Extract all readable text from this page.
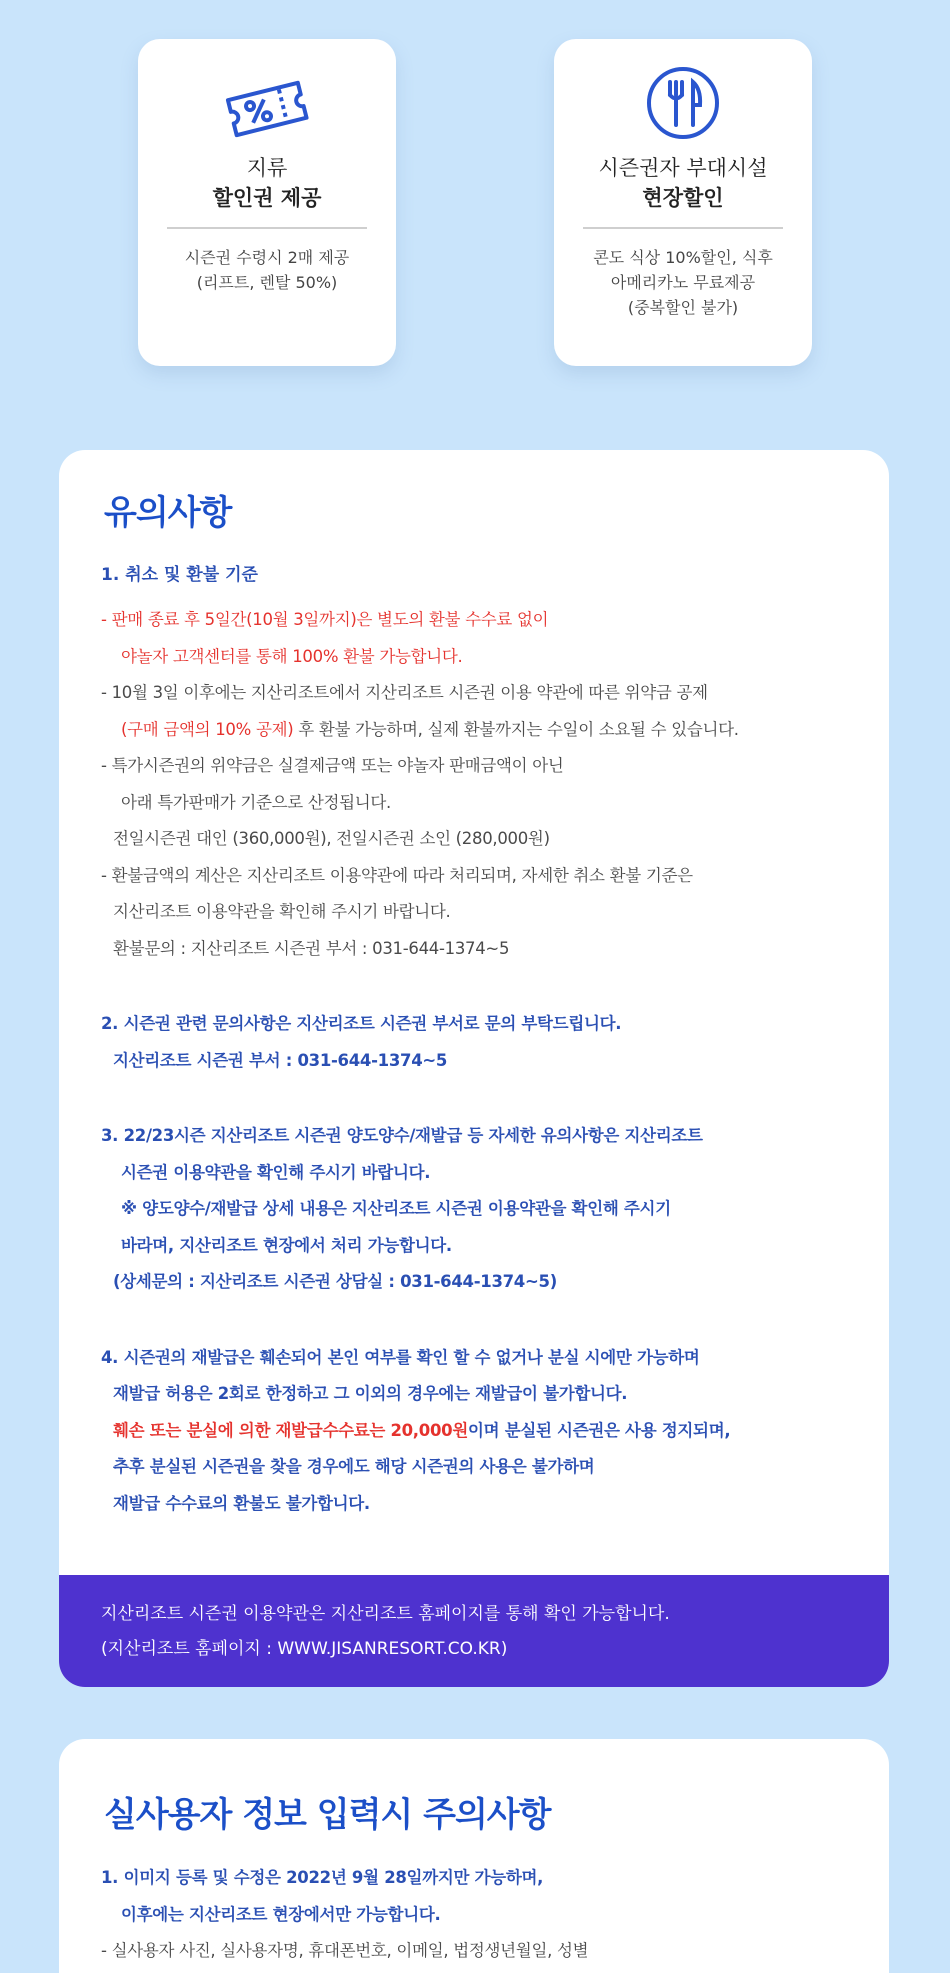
지류
할인권 제공
시즌권 수령시 2매 제공
(리프트, 렌탈 50%)
시즌권자 부대시설
현장할인
콘도 식상 10%할인, 식후
아메리카노 무료제공
(중복할인 불가)
유의사항
1. 취소 및 환불 기준
- 판매 종료 후 5일간(10월 3일까지)은 별도의 환불 수수료 없이
야놀자 고객센터를 통해 100% 환불 가능합니다.
- 10월 3일 이후에는 지산리조트에서 지산리조트 시즌권 이용 약관에 따른 위약금 공제
(구매 금액의 10% 공제) 후 환불 가능하며, 실제 환불까지는 수일이 소요될 수 있습니다.
- 특가시즌권의 위약금은 실결제금액 또는 야놀자 판매금액이 아닌
아래 특가판매가 기준으로 산정됩니다.
전일시즌권 대인 (360,000원), 전일시즌권 소인 (280,000원)
- 환불금액의 계산은 지산리조트 이용약관에 따라 처리되며, 자세한 취소 환불 기준은
지산리조트 이용약관을 확인해 주시기 바랍니다.
환불문의 : 지산리조트 시즌권 부서 : 031-644-1374~5
2. 시즌권 관련 문의사항은 지산리조트 시즌권 부서로 문의 부탁드립니다.
지산리조트 시즌권 부서 : 031-644-1374~5
3. 22/23시즌 지산리조트 시즌권 양도양수/재발급 등 자세한 유의사항은 지산리조트
시즌권 이용약관을 확인해 주시기 바랍니다.
※ 양도양수/재발급 상세 내용은 지산리조트 시즌권 이용약관을 확인해 주시기
바라며, 지산리조트 현장에서 처리 가능합니다.
(상세문의 : 지산리조트 시즌권 상담실 : 031-644-1374~5)
4. 시즌권의 재발급은 훼손되어 본인 여부를 확인 할 수 없거나 분실 시에만 가능하며
재발급 허용은 2회로 한정하고 그 이외의 경우에는 재발급이 불가합니다.
훼손 또는 분실에 의한 재발급수수료는 20,000원이며 분실된 시즌권은 사용 정지되며,
추후 분실된 시즌권을 찾을 경우에도 해당 시즌권의 사용은 불가하며
재발급 수수료의 환불도 불가합니다.
지산리조트 시즌권 이용약관은 지산리조트 홈페이지를 통해 확인 가능합니다.
(지산리조트 홈페이지 : WWW.JISANRESORT.CO.KR)
실사용자 정보 입력시 주의사항
1. 이미지 등록 및 수정은 2022년 9월 28일까지만 가능하며,
이후에는 지산리조트 현장에서만 가능합니다.
- 실사용자 사진, 실사용자명, 휴대폰번호, 이메일, 법정생년월일, 성별
